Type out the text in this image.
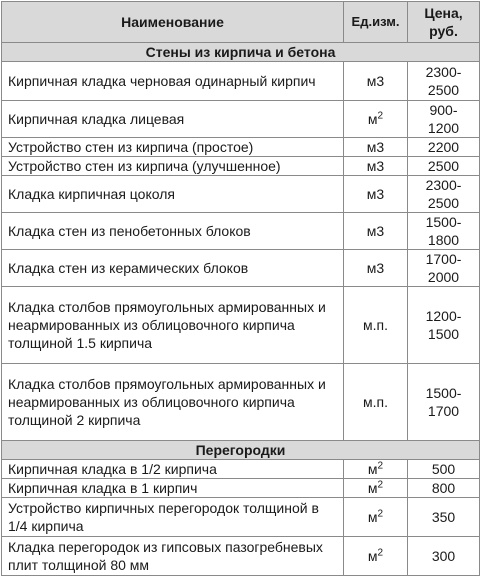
Наименование	Ед.изм.	Цена, руб.
Стены из кирпича и бетона		
Кирпичная кладка черновая одинарный кирпич	м3	2300-2500
Кирпичная кладка лицевая	$м^2$	900-1200
Устройство стен из кирпича (простое)	м3	2200
Устройство стен из кирпича (улучшенное)	м3	2500
Кладка кирпичная цоколя	м3	2300-2500
Кладка стен из пенобетонных блоков	м3	1500-1800
Кладка стен из керамических блоков	м3	1700-2000
Кладка столбов прямоугольных армированных и неармированных из облицовочного кирпича толщиной 1.5 кирпича	м.п.	1200-1500
Кладка столбов прямоугольных армированных и неармированных из облицовочного кирпича толщиной 2 кирпича	м.п.	1500-1700
Перегородки		
Кирпичная кладка в 1/2 кирпича	$м^2$	500
Кирпичная кладка в 1 кирпич	$м^2$	800
Устройство кирпичных перегородок толщиной в 1/4 кирпича	$м^2$	350
Кладка перегородок из гипсовых пазогребневых плит толщиной 80 мм	$м^2$	300
